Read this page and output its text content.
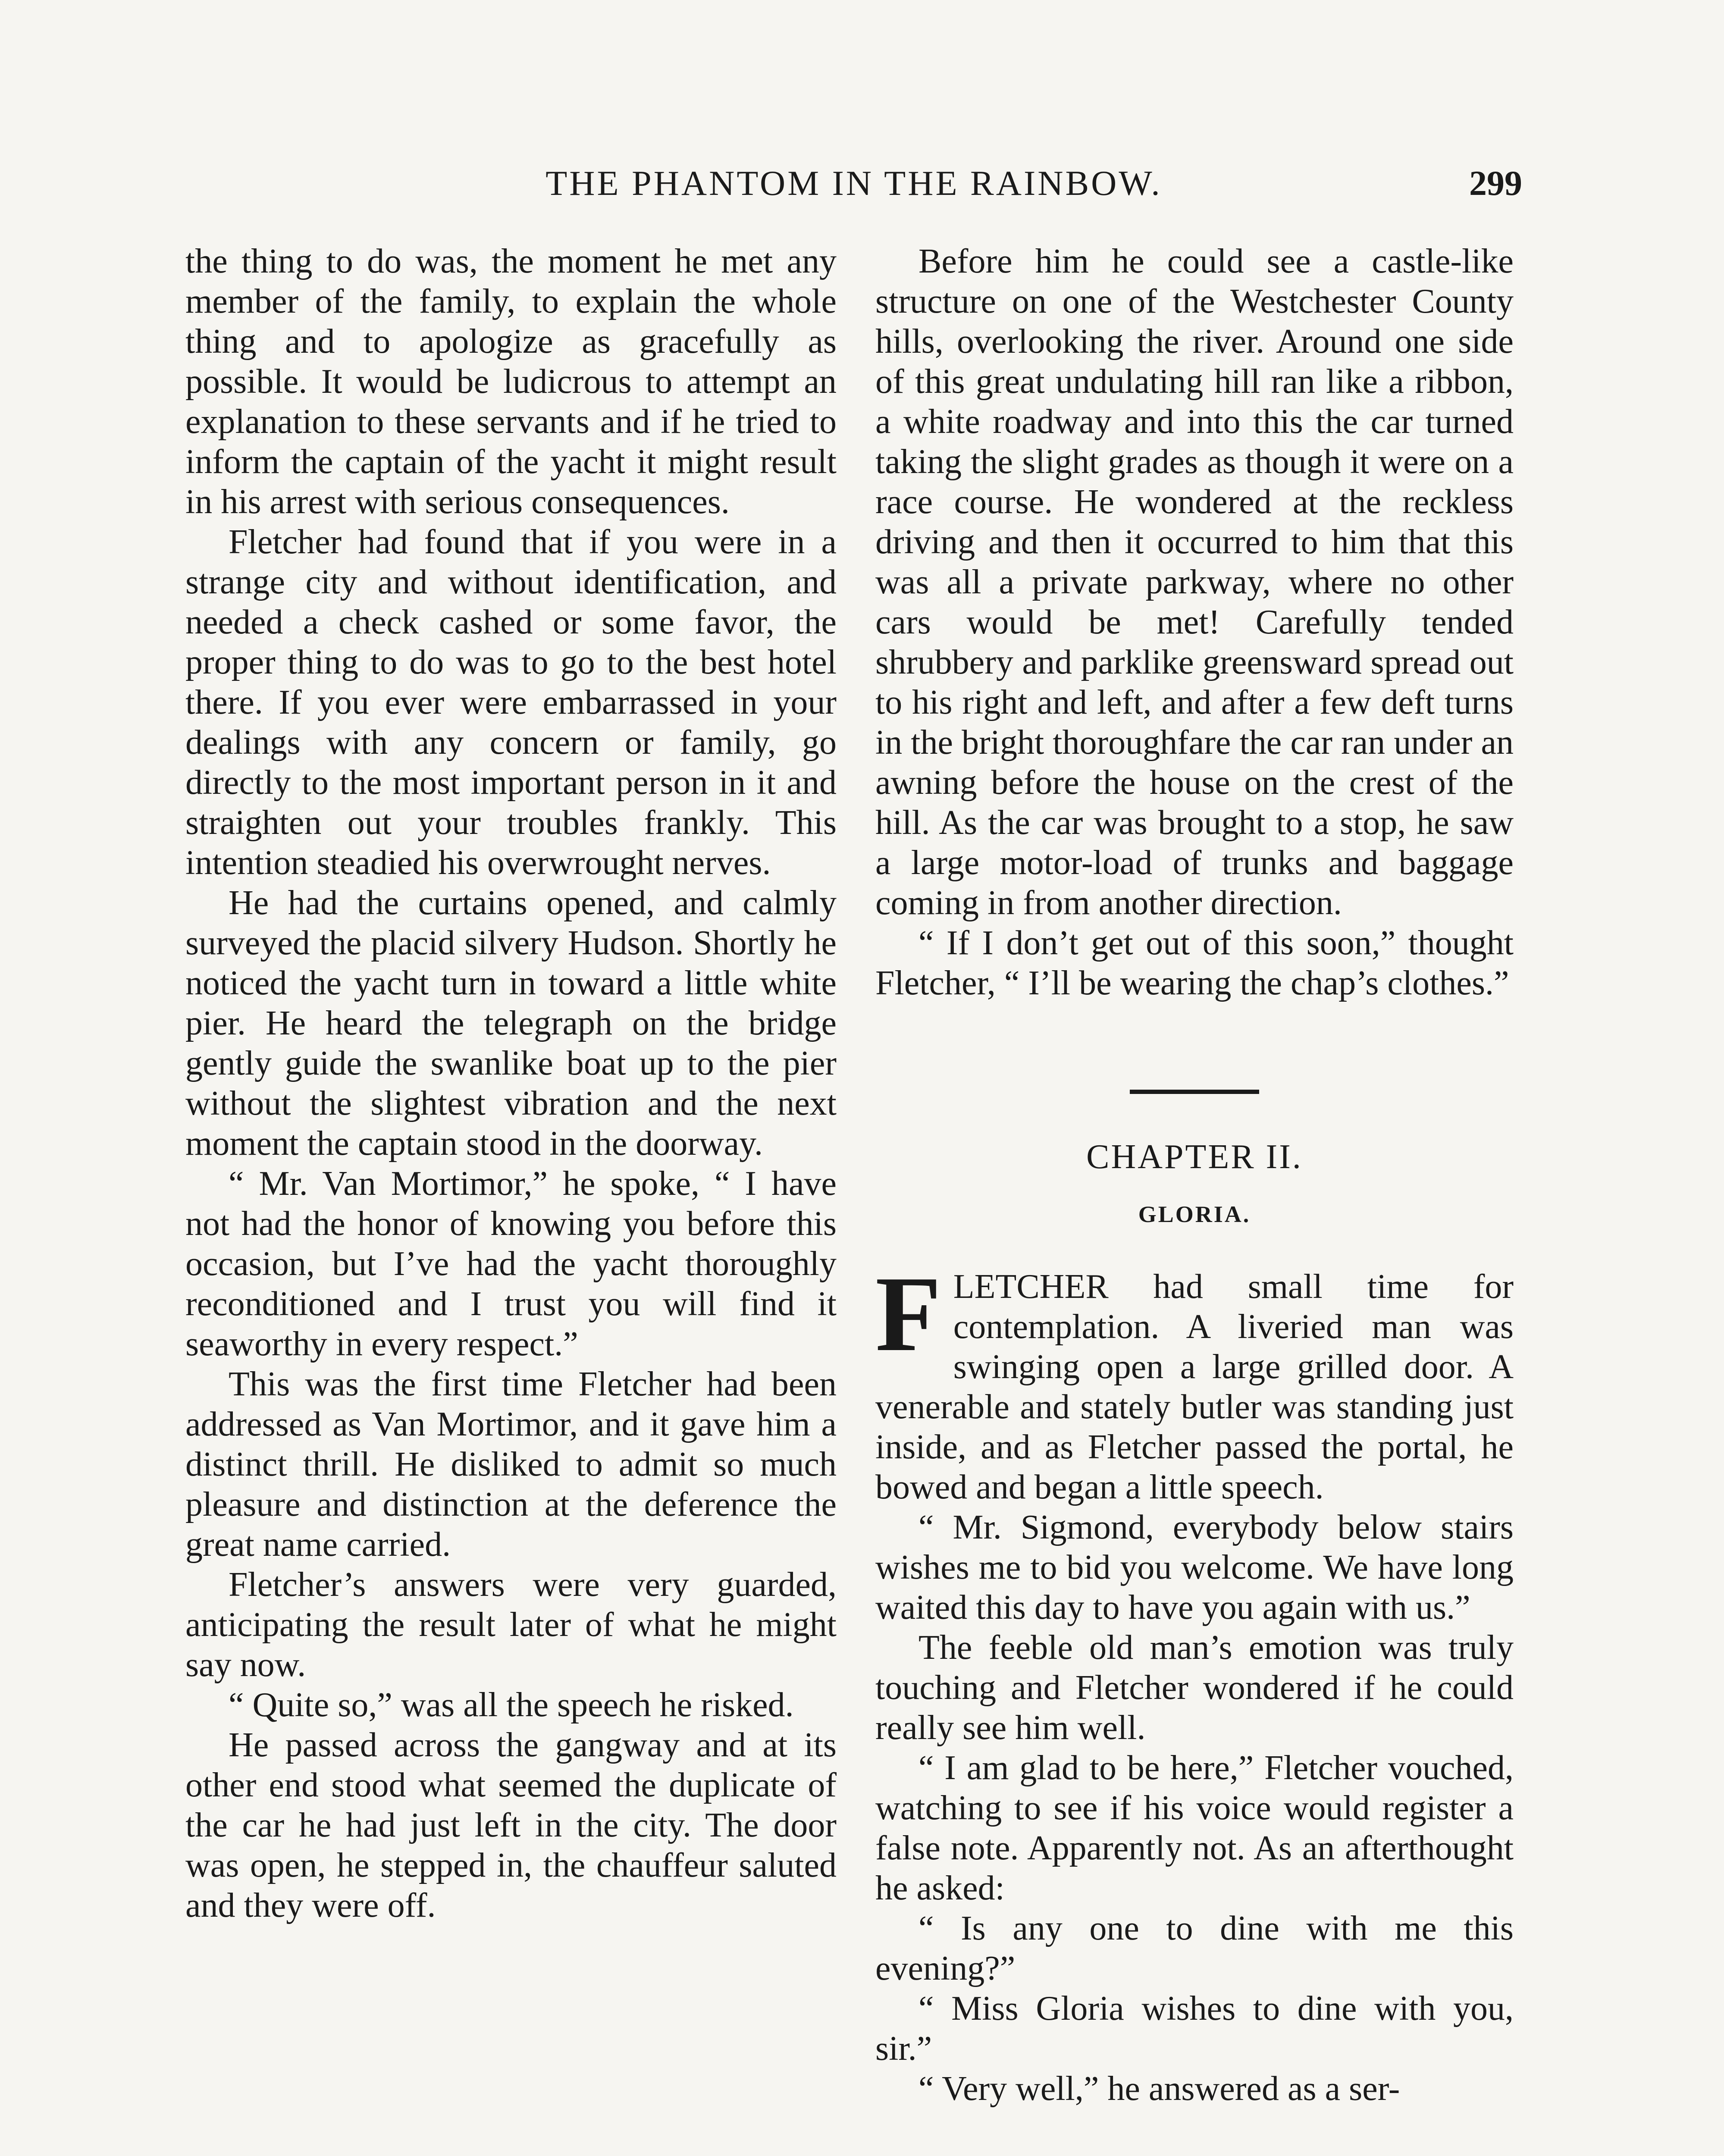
THE PHANTOM IN THE RAINBOW.	299

the thing to do was, the moment he met any member of the family, to explain the whole thing and to apologize as gracefully as possible. It would be ludicrous to attempt an explanation to these servants and if he tried to inform the captain of the yacht it might result in his arrest with serious consequences.

Fletcher had found that if you were in a strange city and without identification, and needed a check cashed or some favor, the proper thing to do was to go to the best hotel there. If you ever were embarrassed in your dealings with any concern or family, go directly to the most important person in it and straighten out your troubles frankly. This intention steadied his overwrought nerves.

He had the curtains opened, and calmly surveyed the placid silvery Hudson. Shortly he noticed the yacht turn in toward a little white pier. He heard the telegraph on the bridge gently guide the swanlike boat up to the pier without the slightest vibration and the next moment the captain stood in the doorway.

“ Mr. Van Mortimor,” he spoke, “ I have not had the honor of knowing you before this occasion, but I’ve had the yacht thoroughly reconditioned and I trust you will find it seaworthy in every respect.”

This was the first time Fletcher had been addressed as Van Mortimor, and it gave him a distinct thrill. He disliked to admit so much pleasure and distinction at the deference the great name carried.

Fletcher’s answers were very guarded, anticipating the result later of what he might say now.

“ Quite so,” was all the speech he risked.

He passed across the gangway and at its other end stood what seemed the duplicate of the car he had just left in the city. The door was open, he stepped in, the chauffeur saluted and they were off.

Before him he could see a castle-like structure on one of the Westchester County hills, overlooking the river. Around one side of this great undulating hill ran like a ribbon, a white roadway and into this the car turned taking the slight grades as though it were on a race course. He wondered at the reckless driving and then it occurred to him that this was all a private parkway, where no other cars would be met! Carefully tended shrubbery and parklike greensward spread out to his right and left, and after a few deft turns in the bright thoroughfare the car ran under an awning before the house on the crest of the hill. As the car was brought to a stop, he saw a large motor-load of trunks and baggage coming in from another direction.

“ If I don’t get out of this soon,” thought Fletcher, “ I’ll be wearing the chap’s clothes.”

CHAPTER II.
GLORIA.

FLETCHER had small time for contemplation. A liveried man was swinging open a large grilled door. A venerable and stately butler was standing just inside, and as Fletcher passed the portal, he bowed and began a little speech.

“ Mr. Sigmond, everybody below stairs wishes me to bid you welcome. We have long waited this day to have you again with us.”

The feeble old man’s emotion was truly touching and Fletcher wondered if he could really see him well.

“ I am glad to be here,” Fletcher vouched, watching to see if his voice would register a false note. Apparently not. As an afterthought he asked:

“ Is any one to dine with me this evening?”

“ Miss Gloria wishes to dine with you, sir.”

“ Very well,” he answered as a ser-
